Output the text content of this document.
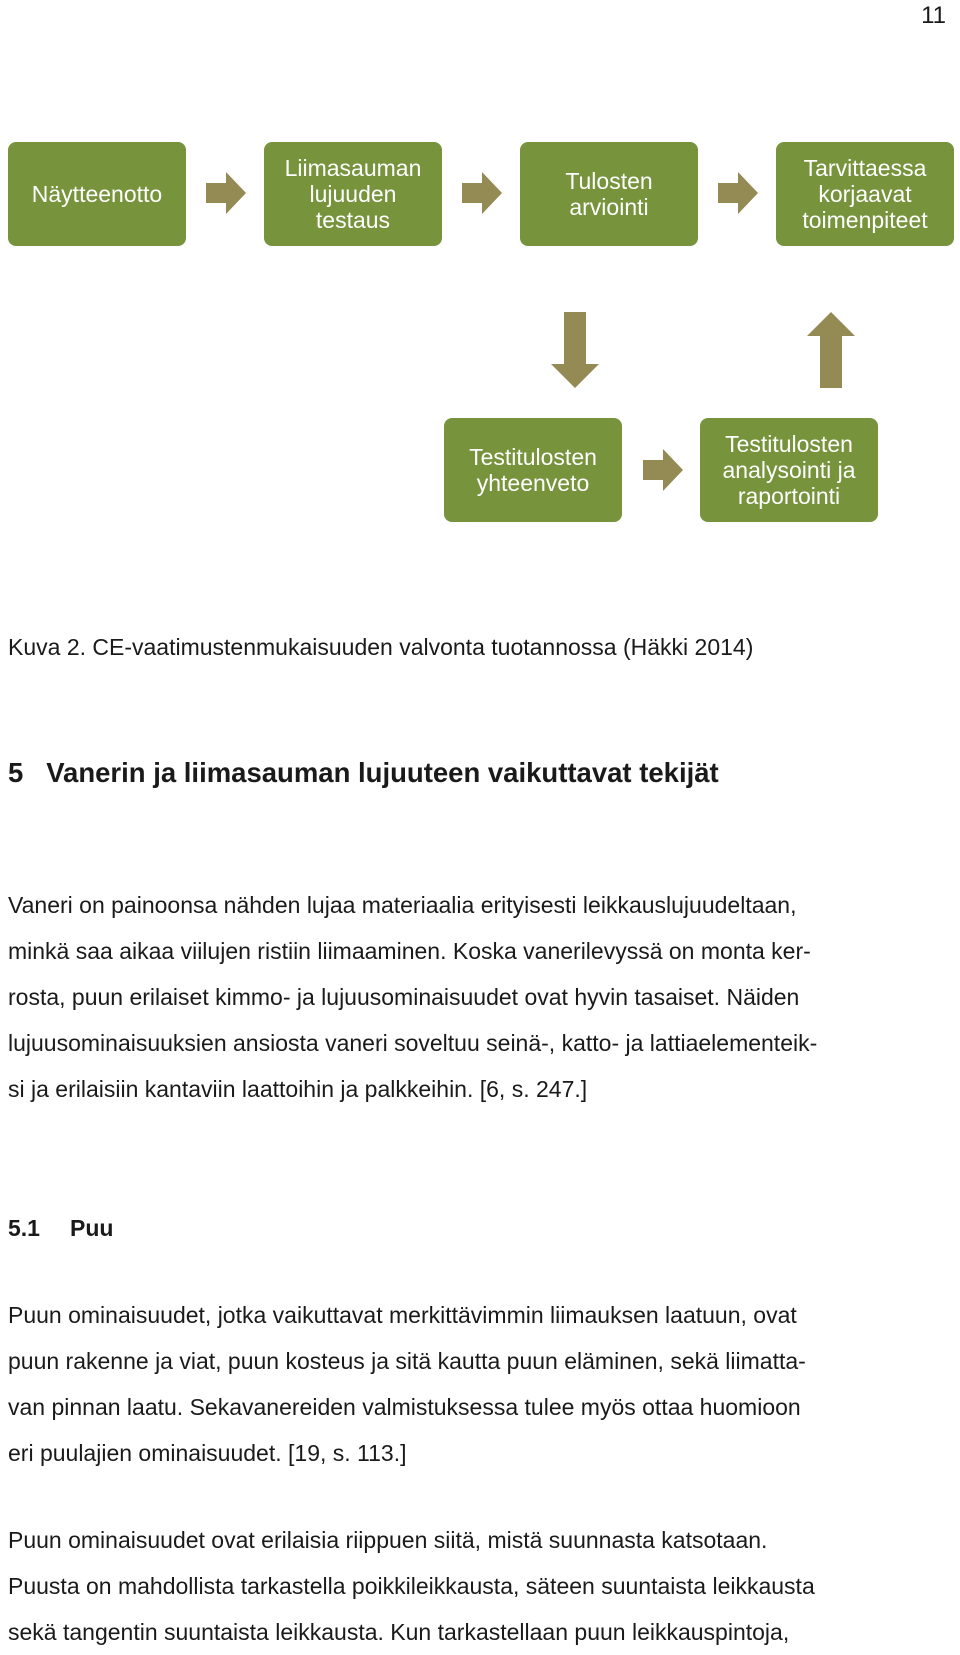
11
Näytteenotto
Liimasauman
lujuuden
testaus
Tulosten
arviointi
Tarvittaessa
korjaavat
toimenpiteet
Testitulosten
yhteenveto
Testitulosten
analysointi ja
raportointi
Kuva 2. CE-vaatimustenmukaisuuden valvonta tuotannossa (Häkki 2014)
5 Vanerin ja liimasauman lujuuteen vaikuttavat tekijät
Vaneri on painoonsa nähden lujaa materiaalia erityisesti leikkauslujuudeltaan,
minkä saa aikaa viilujen ristiin liimaaminen. Koska vanerilevyssä on monta ker-
rosta, puun erilaiset kimmo- ja lujuusominaisuudet ovat hyvin tasaiset. Näiden
lujuusominaisuuksien ansiosta vaneri soveltuu seinä-, katto- ja lattiaelementeik-
si ja erilaisiin kantaviin laattoihin ja palkkeihin. [6, s. 247.]
5.1 Puu
Puun ominaisuudet, jotka vaikuttavat merkittävimmin liimauksen laatuun, ovat
puun rakenne ja viat, puun kosteus ja sitä kautta puun eläminen, sekä liimatta-
van pinnan laatu. Sekavanereiden valmistuksessa tulee myös ottaa huomioon
eri puulajien ominaisuudet. [19, s. 113.]
Puun ominaisuudet ovat erilaisia riippuen siitä, mistä suunnasta katsotaan.
Puusta on mahdollista tarkastella poikkileikkausta, säteen suuntaista leikkausta
sekä tangentin suuntaista leikkausta. Kun tarkastellaan puun leikkauspintoja,
